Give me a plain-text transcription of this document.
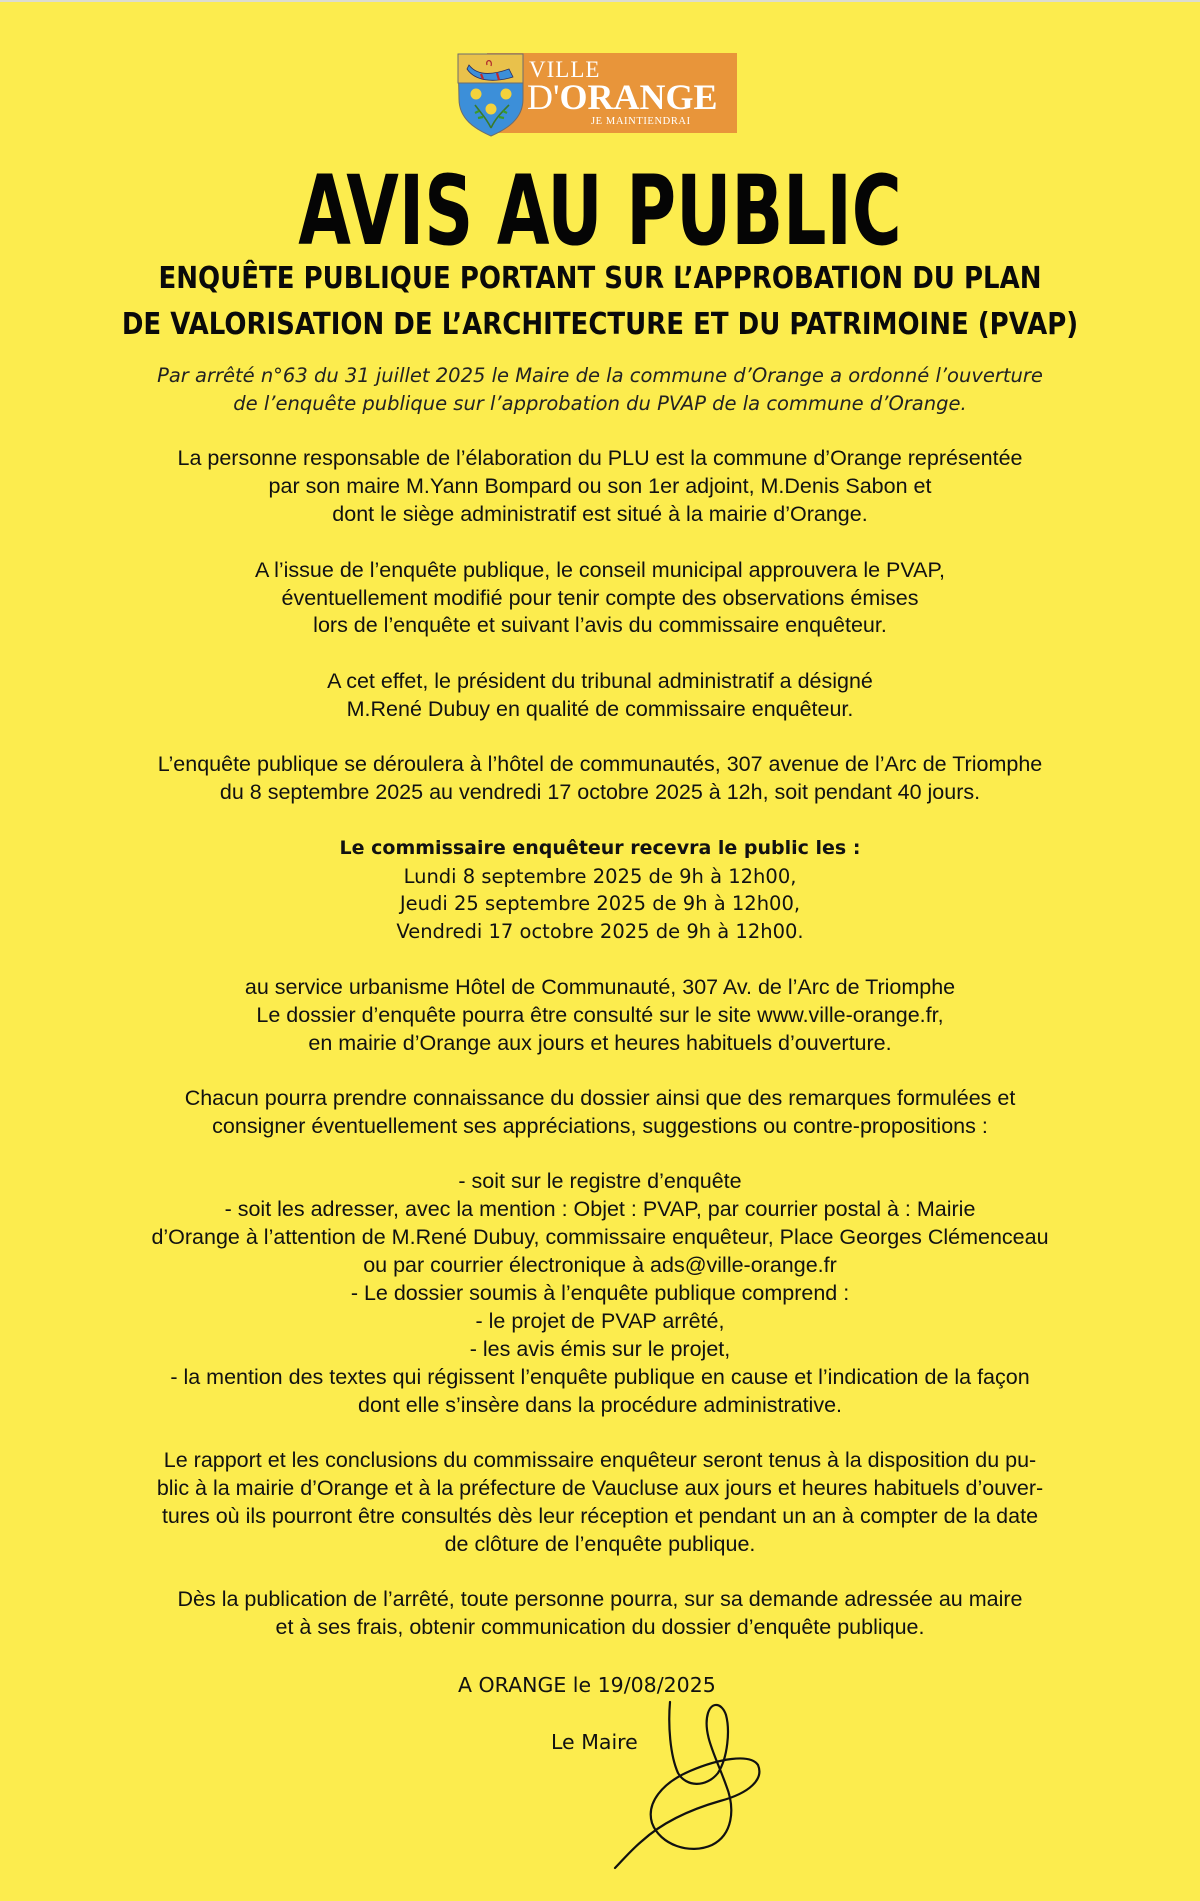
VILLE
D'ORANGE
JE MAINTIENDRAI
AVIS AU PUBLIC
ENQUÊTE PUBLIQUE PORTANT SUR L’APPROBATION DU PLAN
DE VALORISATION DE L’ARCHITECTURE ET DU PATRIMOINE (PVAP)
Par arrêté n°63 du 31 juillet 2025 le Maire de la commune d’Orange a ordonné l’ouverture
de l’enquête publique sur l’approbation du PVAP de la commune d’Orange.
La personne responsable de l’élaboration du PLU est la commune d’Orange représentée
par son maire M.Yann Bompard ou son 1er adjoint, M.Denis Sabon et
dont le siège administratif est situé à la mairie d’Orange.
A l’issue de l’enquête publique, le conseil municipal approuvera le PVAP,
éventuellement modifié pour tenir compte des observations émises
lors de l’enquête et suivant l’avis du commissaire enquêteur.
A cet effet, le président du tribunal administratif a désigné
M.René Dubuy en qualité de commissaire enquêteur.
L’enquête publique se déroulera à l’hôtel de communautés, 307 avenue de l’Arc de Triomphe
du 8 septembre 2025 au vendredi 17 octobre 2025 à 12h, soit pendant 40 jours.
Le commissaire enquêteur recevra le public les :
Lundi 8 septembre 2025 de 9h à 12h00,
Jeudi 25 septembre 2025 de 9h à 12h00,
Vendredi 17 octobre 2025 de 9h à 12h00.
au service urbanisme Hôtel de Communauté, 307 Av. de l’Arc de Triomphe
Le dossier d’enquête pourra être consulté sur le site www.ville-orange.fr,
en mairie d’Orange aux jours et heures habituels d’ouverture.
Chacun pourra prendre connaissance du dossier ainsi que des remarques formulées et
consigner éventuellement ses appréciations, suggestions ou contre-propositions :
- soit sur le registre d’enquête
- soit les adresser, avec la mention : Objet : PVAP, par courrier postal à : Mairie
d’Orange à l’attention de M.René Dubuy, commissaire enquêteur, Place Georges Clémenceau
ou par courrier électronique à ads@ville-orange.fr
- Le dossier soumis à l’enquête publique comprend :
- le projet de PVAP arrêté,
- les avis émis sur le projet,
- la mention des textes qui régissent l’enquête publique en cause et l’indication de la façon
dont elle s’insère dans la procédure administrative.
Le rapport et les conclusions du commissaire enquêteur seront tenus à la disposition du pu-
blic à la mairie d’Orange et à la préfecture de Vaucluse aux jours et heures habituels d’ouver-
tures où ils pourront être consultés dès leur réception et pendant un an à compter de la date
de clôture de l’enquête publique.
Dès la publication de l’arrêté, toute personne pourra, sur sa demande adressée au maire
et à ses frais, obtenir communication du dossier d’enquête publique.
A ORANGE le 19/08/2025
Le Maire
